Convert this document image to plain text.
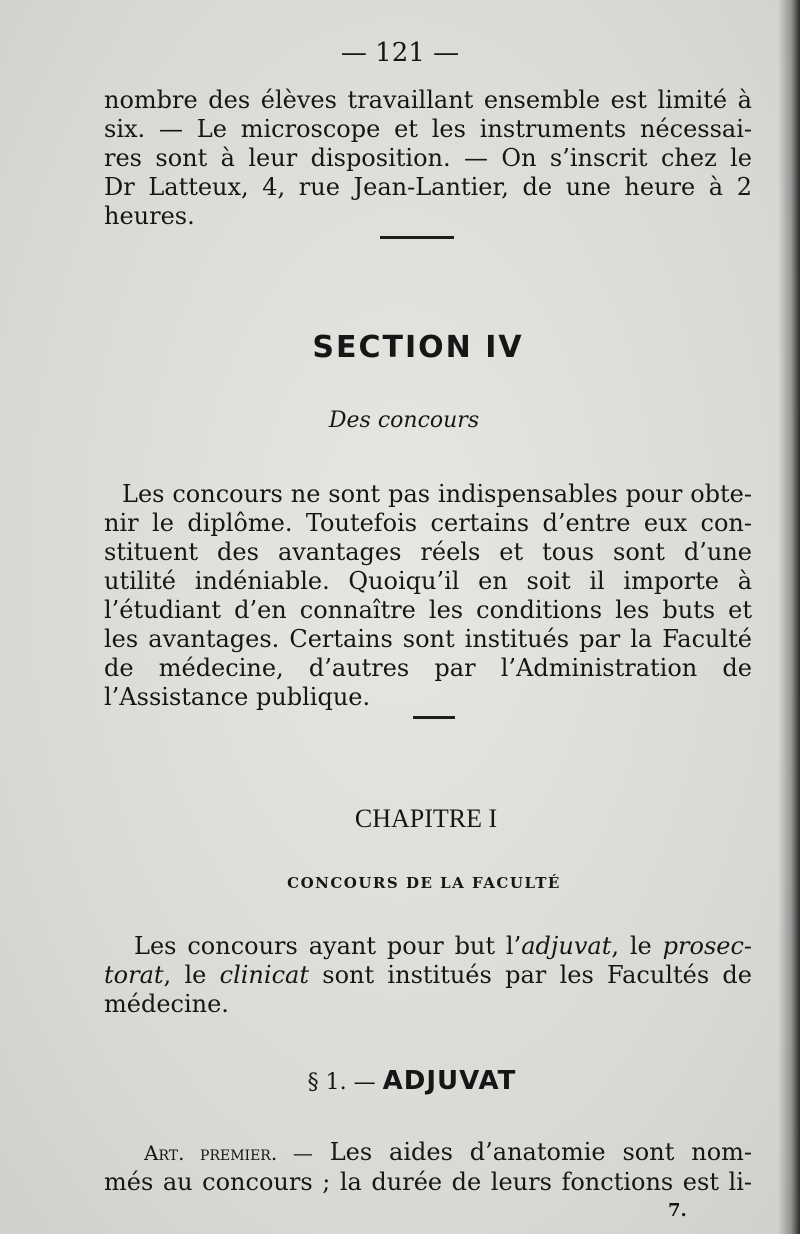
— 121 —
nombre des élèves travaillant ensemble est limité à
six. — Le microscope et les instruments nécessai-
res sont à leur disposition. — On s’inscrit chez le
Dr Latteux, 4, rue Jean-Lantier, de une heure à 2
heures.
SECTION IV
Des concours
Les concours ne sont pas indispensables pour obte-
nir le diplôme. Toutefois certains d’entre eux con-
stituent des avantages réels et tous sont d’une
utilité indéniable. Quoiqu’il en soit il importe à
l’étudiant d’en connaître les conditions les buts et
les avantages. Certains sont institués par la Faculté
de médecine, d’autres par l’Administration de
l’Assistance publique.
CHAPITRE I
CONCOURS DE LA FACULTÉ
Les concours ayant pour but l’adjuvat, le prosec-
torat, le clinicat sont institués par les Facultés de
médecine.
§ 1. — ADJUVAT
Art. premier. — Les aides d’anatomie sont nom-
més au concours ; la durée de leurs fonctions est li-
7.
